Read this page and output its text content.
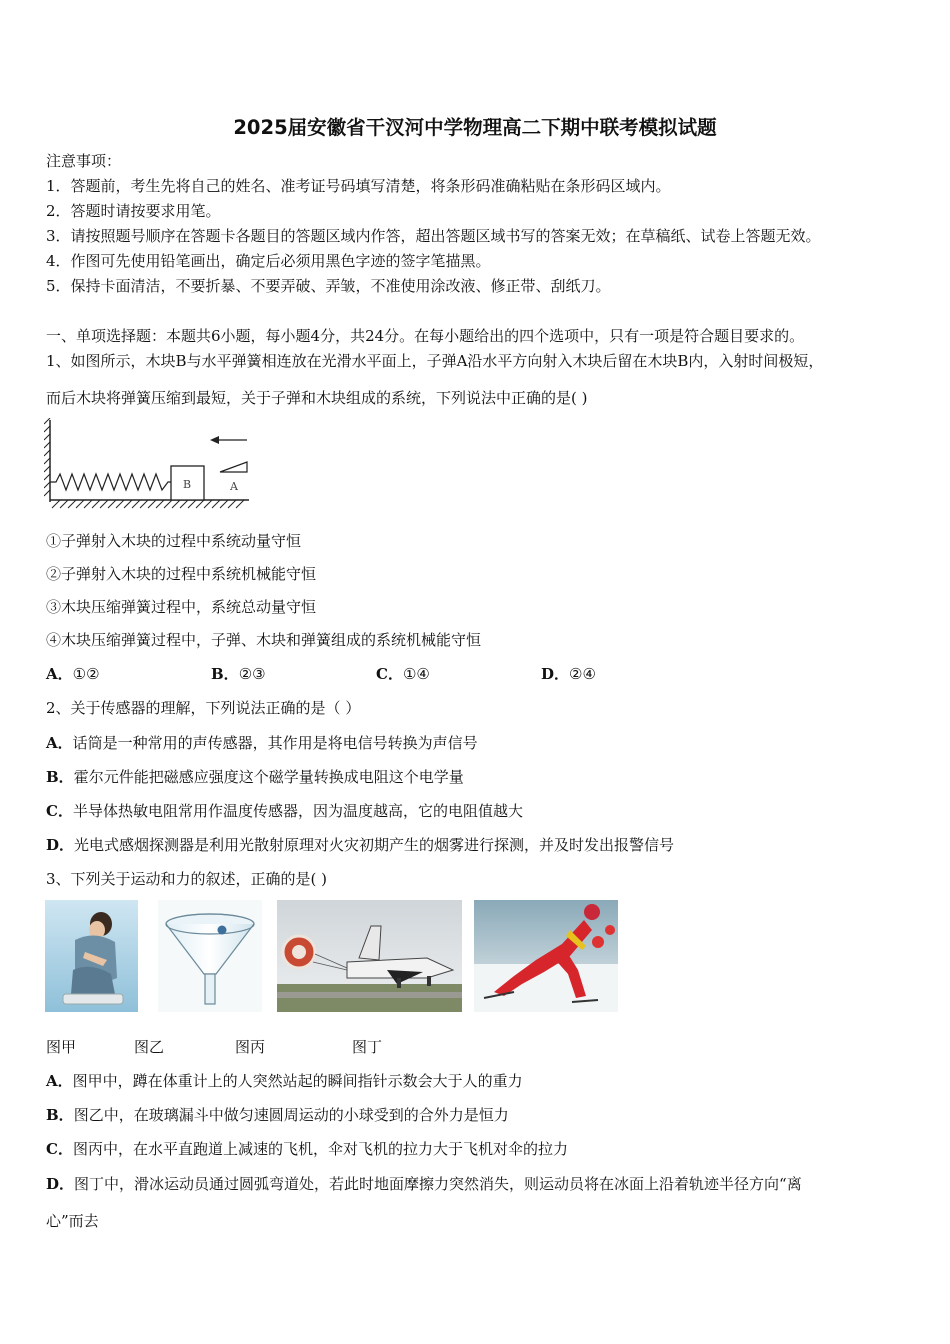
2025届安徽省干汊河中学物理高二下期中联考模拟试题
注意事项：
1．答题前，考生先将自己的姓名、准考证号码填写清楚，将条形码准确粘贴在条形码区域内。
2．答题时请按要求用笔。
3．请按照题号顺序在答题卡各题目的答题区域内作答，超出答题区域书写的答案无效；在草稿纸、试卷上答题无效。
4．作图可先使用铅笔画出，确定后必须用黑色字迹的签字笔描黑。
5．保持卡面清洁，不要折暴、不要弄破、弄皱，不准使用涂改液、修正带、刮纸刀。
一、单项选择题：本题共6小题，每小题4分，共24分。在每小题给出的四个选项中，只有一项是符合题目要求的。
1、如图所示，木块B与水平弹簧相连放在光滑水平面上，子弹A沿水平方向射入木块后留在木块B内，入射时间极短，
而后木块将弹簧压缩到最短，关于子弹和木块组成的系统，下列说法中正确的是( )
B	A
①子弹射入木块的过程中系统动量守恒
②子弹射入木块的过程中系统机械能守恒
③木块压缩弹簧过程中，系统总动量守恒
④木块压缩弹簧过程中，子弹、木块和弹簧组成的系统机械能守恒
A．①②	B．②③	C．①④	D．②④
2、关于传感器的理解，下列说法正确的是（ ）
A．话筒是一种常用的声传感器，其作用是将电信号转换为声信号
B．霍尔元件能把磁感应强度这个磁学量转换成电阻这个电学量
C．半导体热敏电阻常用作温度传感器，因为温度越高，它的电阻值越大
D．光电式感烟探测器是利用光散射原理对火灾初期产生的烟雾进行探测，并及时发出报警信号
3、下列关于运动和力的叙述，正确的是( )
图甲	图乙	图丙	图丁
A．图甲中，蹲在体重计上的人突然站起的瞬间指针示数会大于人的重力
B．图乙中，在玻璃漏斗中做匀速圆周运动的小球受到的合外力是恒力
C．图丙中，在水平直跑道上减速的飞机，伞对飞机的拉力大于飞机对伞的拉力
D．图丁中，滑冰运动员通过圆弧弯道处，若此时地面摩擦力突然消失，则运动员将在冰面上沿着轨迹半径方向“离
心”而去
